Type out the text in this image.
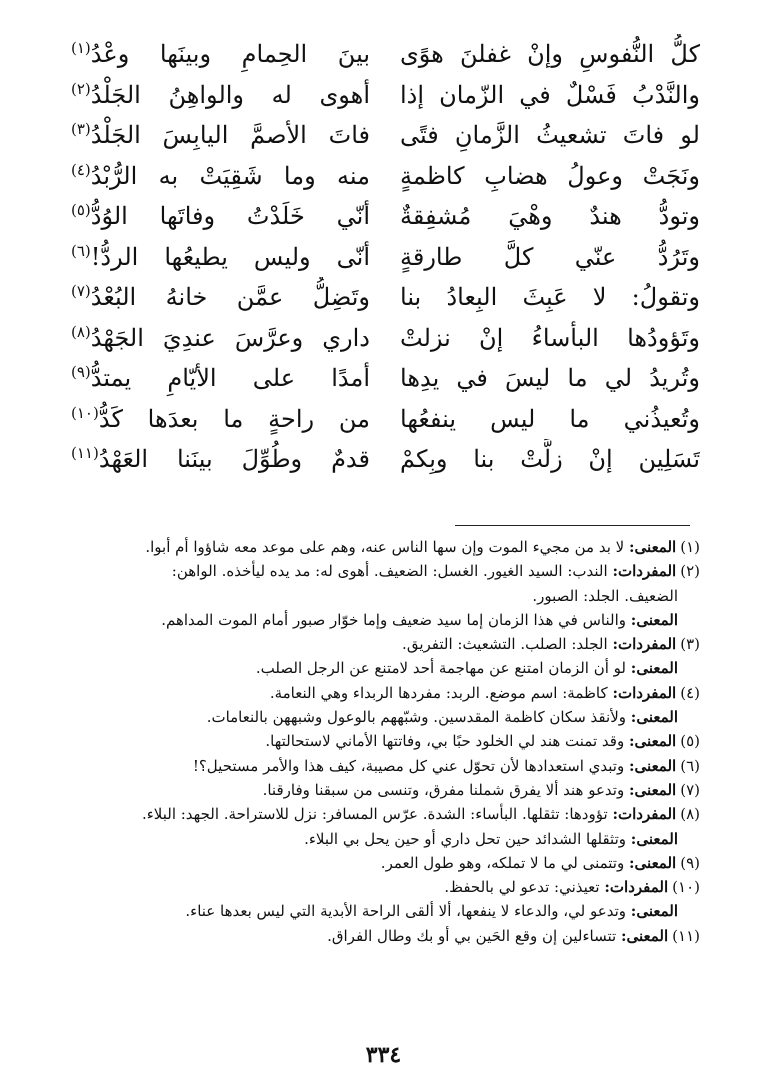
كلُّ النُّفوسِ وإنْ غفلنَ هوًى
بينَ الحِمامِ وبينَها وعْدُ$^{(١)}$
والنَّدْبُ فَسْلٌ في الزّمان إذا
أهوى له والواهِنُ الجَلْدُ$^{(٢)}$
لو فاتَ تشعيثُ الزَّمانِ فتًى
فاتَ الأصمَّ اليابِسَ الجَلْدُ$^{(٣)}$
ونَجَتْ وعولُ هضابِ كاظمةٍ
منه وما شَقِيَتْ به الرُّبْدُ$^{(٤)}$
وتودُّ هندٌ وهْيَ مُشفِقةٌ
أنّي خَلَدْتُ وفاتَها الوُدُّ$^{(٥)}$
وتَرُدُّ عنّي كلَّ طارقةٍ
أنّى وليس يطيعُها الردُّ!$^{(٦)}$
وتقولُ: لا عَبِثَ البِعادُ بنا
وتَضِلُّ عمَّن خانهُ البُعْدُ$^{(٧)}$
وتَؤودُها البأساءُ إنْ نزلتْ
داري وعرَّسَ عندِيَ الجَهْدُ$^{(٨)}$
وتُريدُ لي ما ليسَ في يدِها
أمدًا على الأيّامِ يمتدُّ$^{(٩)}$
وتُعيذُني ما ليس ينفعُها
من راحةٍ ما بعدَها كَدُّ$^{(١٠)}$
تَسَلِين إنْ زلَّتْ بنا وبِكمْ
قدمٌ وطُوِّلَ بينَنا العَهْدُ$^{(١١)}$
(١)المعنى: لا بد من مجيء الموت وإن سها الناس عنه، وهم على موعد معه شاؤوا أم أبوا.
(٢)المفردات: الندب: السيد الغيور. الغسل: الضعيف. أهوى له: مد يده ليأخذه. الواهن:
الضعيف. الجلد: الصبور.
المعنى: والناس في هذا الزمان إما سيد ضعيف وإما خوّار صبور أمام الموت المداهم.
(٣)المفردات: الجلد: الصلب. التشعيث: التفريق.
المعنى: لو أن الزمان امتنع عن مهاجمة أحد لامتنع عن الرجل الصلب.
(٤)المفردات: كاظمة: اسم موضع. الربد: مفردها الربداء وهي النعامة.
المعنى: ولأنقذ سكان كاظمة المقدسين. وشبّههم بالوعول وشبههن بالنعامات.
(٥)المعنى: وقد تمنت هند لي الخلود حبًا بي، وفاتتها الأماني لاستحالتها.
(٦)المعنى: وتبدي استعدادها لأن تحوّل عني كل مصيبة، كيف هذا والأمر مستحيل؟!
(٧)المعنى: وتدعو هند ألا يفرق شملنا مفرق، وتنسى من سبقنا وفارقنا.
(٨)المفردات: تؤودها: تثقلها. البأساء: الشدة. عرّس المسافر: نزل للاستراحة. الجهد: البلاء.
المعنى: وتثقلها الشدائد حين تحل داري أو حين يحل بي البلاء.
(٩)المعنى: وتتمنى لي ما لا تملكه، وهو طول العمر.
(١٠)المفردات: تعيذني: تدعو لي بالحفظ.
المعنى: وتدعو لي، والدعاء لا ينفعها، ألا ألقى الراحة الأبدية التي ليس بعدها عناء.
(١١)المعنى: تتساءلين إن وقع الحَين بي أو بك وطال الفراق.
٣٣٤
